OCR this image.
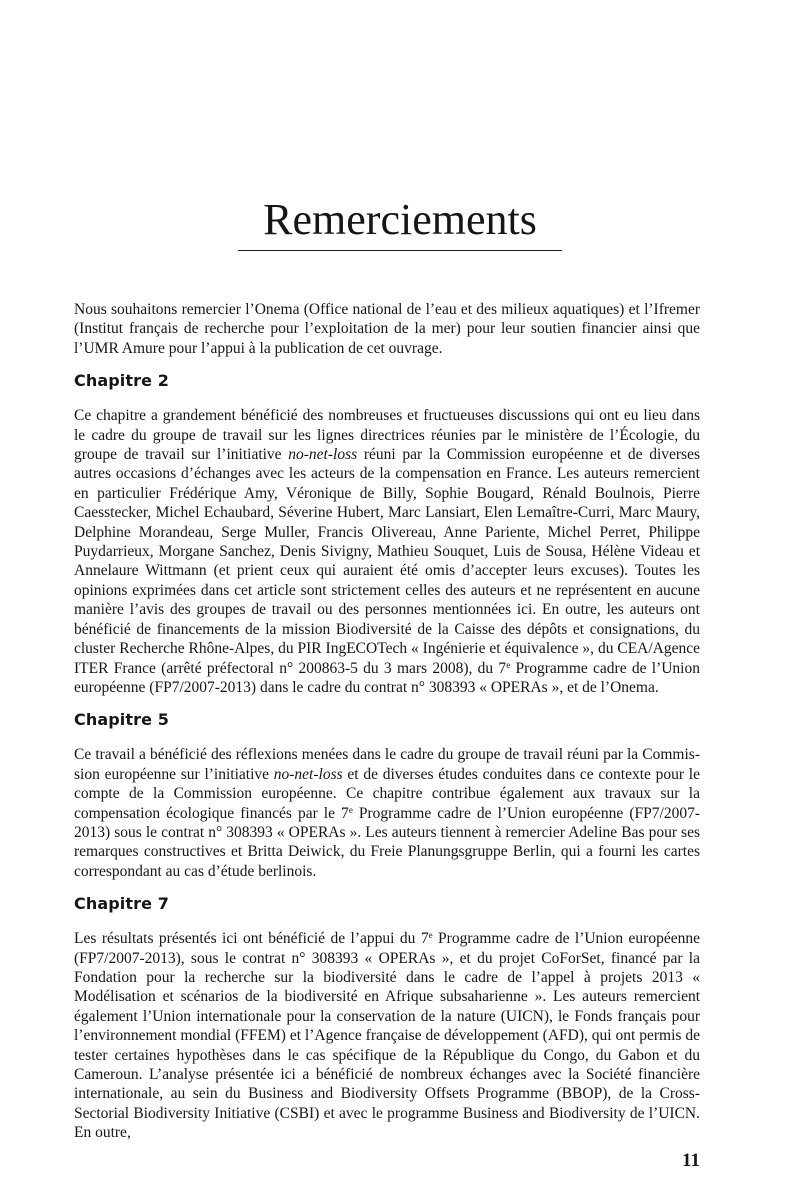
Remerciements

Nous souhaitons remercier l’Onema (Office national de l’eau et des milieux aquatiques) et l’Ifremer (Institut français de recherche pour l’exploitation de la mer) pour leur soutien financier ainsi que l’UMR Amure pour l’appui à la publication de cet ouvrage.

Chapitre 2

Ce chapitre a grandement bénéficié des nombreuses et fructueuses discussions qui ont eu lieu dans le cadre du groupe de travail sur les lignes directrices réunies par le ministère de l’Écologie, du groupe de travail sur l’initiative no-net-loss réuni par la Commission européenne et de diverses autres occasions d’échanges avec les acteurs de la compensation en France. Les auteurs remercient en particulier Frédérique Amy, Véronique de Billy, Sophie Bougard, Rénald Boulnois, Pierre Caesstecker, Michel Echaubard, Séverine Hubert, Marc Lansiart, Elen Lemaître-Curri, Marc Maury, Delphine Morandeau, Serge Muller, Francis Olivereau, Anne Pariente, Michel Perret, Philippe Puydarrieux, Morgane Sanchez, Denis Sivigny, Mathieu Souquet, Luis de Sousa, Hélène Videau et Annelaure Wittmann (et prient ceux qui auraient été omis d’accepter leurs excuses). Toutes les opinions exprimées dans cet article sont strictement celles des auteurs et ne représentent en aucune manière l’avis des groupes de travail ou des personnes mentionnées ici. En outre, les auteurs ont bénéficié de financements de la mission Biodiversité de la Caisse des dépôts et consignations, du cluster Recherche Rhône-Alpes, du PIR IngECOTech « Ingénierie et équivalence », du CEA/Agence ITER France (arrêté préfectoral n° 200863-5 du 3 mars 2008), du 7e Programme cadre de l’Union européenne (FP7/2007-2013) dans le cadre du contrat n° 308393 « OPERAs », et de l’Onema.

Chapitre 5

Ce travail a bénéficié des réflexions menées dans le cadre du groupe de travail réuni par la Commission européenne sur l’initiative no-net-loss et de diverses études conduites dans ce contexte pour le compte de la Commission européenne. Ce chapitre contribue également aux travaux sur la compensation écologique financés par le 7e Programme cadre de l’Union européenne (FP7/2007-2013) sous le contrat n° 308393 « OPERAs ». Les auteurs tiennent à remercier Adeline Bas pour ses remarques constructives et Britta Deiwick, du Freie Planungsgruppe Berlin, qui a fourni les cartes correspondant au cas d’étude berlinois.

Chapitre 7

Les résultats présentés ici ont bénéficié de l’appui du 7e Programme cadre de l’Union européenne (FP7/2007-2013), sous le contrat n° 308393 « OPERAs », et du projet CoForSet, financé par la Fondation pour la recherche sur la biodiversité dans le cadre de l’appel à projets 2013 « Modélisation et scénarios de la biodiversité en Afrique subsaharienne ». Les auteurs remercient également l’Union internationale pour la conservation de la nature (UICN), le Fonds français pour l’environnement mondial (FFEM) et l’Agence française de développement (AFD), qui ont permis de tester certaines hypothèses dans le cas spécifique de la République du Congo, du Gabon et du Cameroun. L’analyse présentée ici a bénéficié de nombreux échanges avec la Société financière internationale, au sein du Business and Biodiversity Offsets Programme (BBOP), de la Cross-Sectorial Biodiversity Initiative (CSBI) et avec le programme Business and Biodiversity de l’UICN. En outre,

11
